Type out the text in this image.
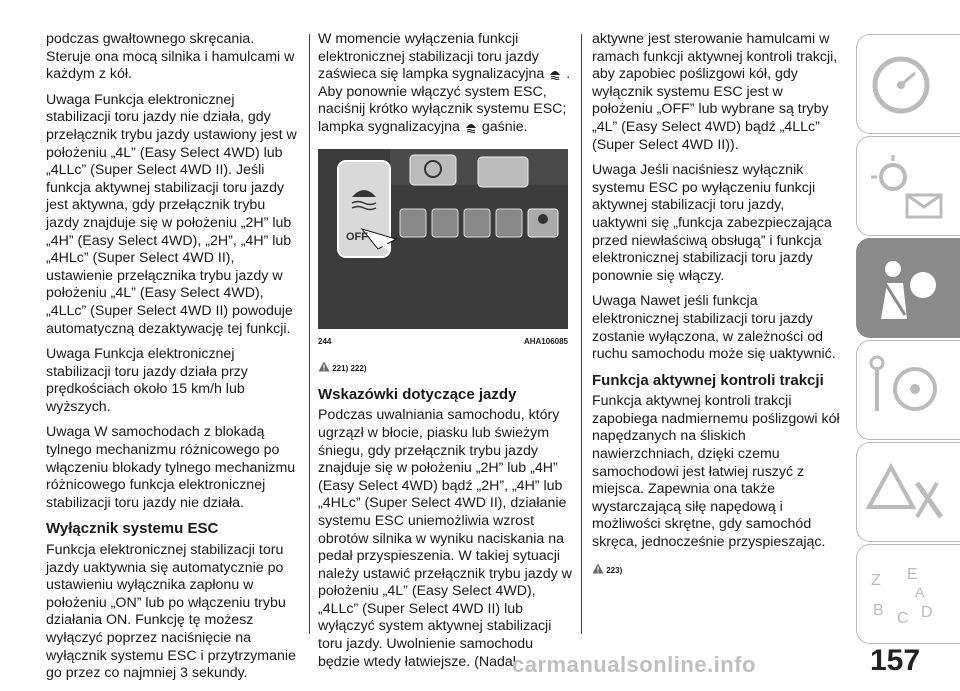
podczas gwałtownego skręcania. Steruje ona mocą silnika i hamulcami w każdym z kół.

Uwaga Funkcja elektronicznej stabilizacji toru jazdy nie działa, gdy przełącznik trybu jazdy ustawiony jest w położeniu „4L” (Easy Select 4WD) lub „4LLc” (Super Select 4WD II). Jeśli funkcja aktywnej stabilizacji toru jazdy jest aktywna, gdy przełącznik trybu jazdy znajduje się w położeniu „2H” lub „4H” (Easy Select 4WD), „2H”, „4H” lub „4HLc” (Super Select 4WD II), ustawienie przełącznika trybu jazdy w położeniu „4L” (Easy Select 4WD), „4LLc” (Super Select 4WD II) powoduje automatyczną dezaktywację tej funkcji.

Uwaga Funkcja elektronicznej stabilizacji toru jazdy działa przy prędkościach około 15 km/h lub wyższych.

Uwaga W samochodach z blokadą tylnego mechanizmu różnicowego po włączeniu blokady tylnego mechanizmu różnicowego funkcja elektronicznej stabilizacji toru jazdy nie działa.

Wyłącznik systemu ESC

Funkcja elektronicznej stabilizacji toru jazdy uaktywnia się automatycznie po ustawieniu wyłącznika zapłonu w położeniu „ON” lub po włączeniu trybu działania ON. Funkcję tę możesz wyłączyć poprzez naciśnięcie na wyłącznik systemu ESC i przytrzymanie go przez co najmniej 3 sekundy.

W momencie wyłączenia funkcji elektronicznej stabilizacji toru jazdy zaświeca się lampka sygnalizacyjna . Aby ponownie włączyć system ESC, naciśnij krótko wyłącznik systemu ESC; lampka sygnalizacyjna gaśnie.

OFF
244	AHA106085
221) 222)
Wskazówki dotyczące jazdy

Podczas uwalniania samochodu, który ugrzązł w błocie, piasku lub świeżym śniegu, gdy przełącznik trybu jazdy znajduje się w położeniu „2H” lub „4H” (Easy Select 4WD) bądź „2H”, „4H” lub „4HLc” (Super Select 4WD II), działanie systemu ESC uniemożliwia wzrost obrotów silnika w wyniku naciskania na pedał przyspieszenia. W takiej sytuacji należy ustawić przełącznik trybu jazdy w położeniu „4L” (Easy Select 4WD), „4LLc” (Super Select 4WD II) lub wyłączyć system aktywnej stabilizacji toru jazdy. Uwolnienie samochodu będzie wtedy łatwiejsze. (Nadal

aktywne jest sterowanie hamulcami w ramach funkcji aktywnej kontroli trakcji, aby zapobiec poślizgowi kół, gdy wyłącznik systemu ESC jest w położeniu „OFF” lub wybrane są tryby „4L” (Easy Select 4WD) bądź „4LLc” (Super Select 4WD II)).

Uwaga Jeśli naciśniesz wyłącznik systemu ESC po wyłączeniu funkcji aktywnej stabilizacji toru jazdy, uaktywni się „funkcja zabezpieczająca przed niewłaściwą obsługą” i funkcja elektronicznej stabilizacji toru jazdy ponownie się włączy.

Uwaga Nawet jeśli funkcja elektronicznej stabilizacji toru jazdy zostanie wyłączona, w zależności od ruchu samochodu może się uaktywnić.

Funkcja aktywnej kontroli trakcji

Funkcja aktywnej kontroli trakcji zapobiega nadmiernemu poślizgowi kół napędzanych na śliskich nawierzchniach, dzięki czemu samochodowi jest łatwiej ruszyć z miejsca. Zapewnia ona także wystarczającą siłę napędową i możliwości skrętne, gdy samochód skręca, jednocześnie przyspieszając.

223)
Z E
B C D
A
157
carmanualsonline.info
